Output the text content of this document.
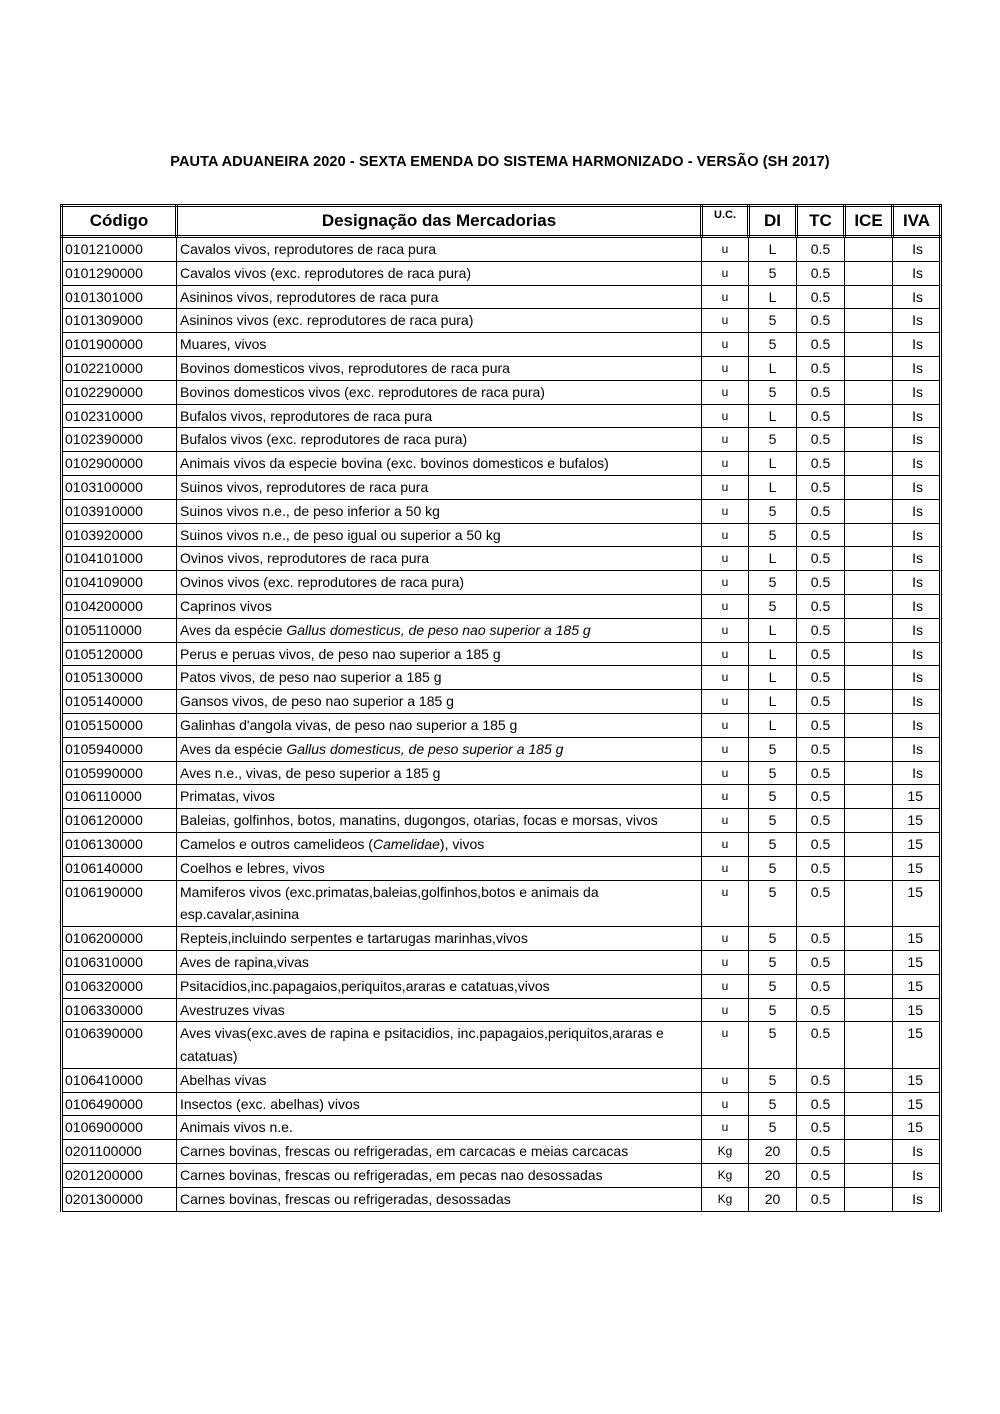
PAUTA ADUANEIRA 2020 - SEXTA EMENDA DO SISTEMA HARMONIZADO - VERSÃO (SH 2017)
Código	Designação das Mercadorias	U.C.	DI	TC	ICE	IVA
0101210000	Cavalos vivos, reprodutores de raca pura	u	L	0.5		Is
0101290000	Cavalos vivos (exc. reprodutores de raca pura)	u	5	0.5		Is
0101301000	Asininos vivos, reprodutores de raca pura	u	L	0.5		Is
0101309000	Asininos vivos (exc. reprodutores de raca pura)	u	5	0.5		Is
0101900000	Muares, vivos	u	5	0.5		Is
0102210000	Bovinos domesticos vivos, reprodutores de raca pura	u	L	0.5		Is
0102290000	Bovinos domesticos vivos (exc. reprodutores de raca pura)	u	5	0.5		Is
0102310000	Bufalos vivos, reprodutores de raca pura	u	L	0.5		Is
0102390000	Bufalos vivos (exc. reprodutores de raca pura)	u	5	0.5		Is
0102900000	Animais vivos da especie bovina (exc. bovinos domesticos e bufalos)	u	L	0.5		Is
0103100000	Suinos vivos, reprodutores de raca pura	u	L	0.5		Is
0103910000	Suinos vivos n.e., de peso inferior a 50 kg	u	5	0.5		Is
0103920000	Suinos vivos n.e., de peso igual ou superior a 50 kg	u	5	0.5		Is
0104101000	Ovinos vivos, reprodutores de raca pura	u	L	0.5		Is
0104109000	Ovinos vivos (exc. reprodutores de raca pura)	u	5	0.5		Is
0104200000	Caprinos vivos	u	5	0.5		Is
0105110000	Aves da espécie Gallus domesticus, de peso nao superior a 185 g	u	L	0.5		Is
0105120000	Perus e peruas vivos, de peso nao superior a 185 g	u	L	0.5		Is
0105130000	Patos vivos, de peso nao superior a 185 g	u	L	0.5		Is
0105140000	Gansos vivos, de peso nao superior a 185 g	u	L	0.5		Is
0105150000	Galinhas d'angola vivas, de peso nao superior a 185 g	u	L	0.5		Is
0105940000	Aves da espécie Gallus domesticus, de peso superior a 185 g	u	5	0.5		Is
0105990000	Aves n.e., vivas, de peso superior a 185 g	u	5	0.5		Is
0106110000	Primatas, vivos	u	5	0.5		15
0106120000	Baleias, golfinhos, botos, manatins, dugongos, otarias, focas e morsas, vivos	u	5	0.5		15
0106130000	Camelos e outros camelideos (Camelidae), vivos	u	5	0.5		15
0106140000	Coelhos e lebres, vivos	u	5	0.5		15
0106190000	Mamiferos vivos (exc.primatas,baleias,golfinhos,botos e animais da esp.cavalar,asinina	u	5	0.5		15
0106200000	Repteis,incluindo serpentes e tartarugas marinhas,vivos	u	5	0.5		15
0106310000	Aves de rapina,vivas	u	5	0.5		15
0106320000	Psitacidios,inc.papagaios,periquitos,araras e catatuas,vivos	u	5	0.5		15
0106330000	Avestruzes vivas	u	5	0.5		15
0106390000	Aves vivas(exc.aves de rapina e psitacidios, inc.papagaios,periquitos,araras e catatuas)	u	5	0.5		15
0106410000	Abelhas vivas	u	5	0.5		15
0106490000	Insectos (exc. abelhas) vivos	u	5	0.5		15
0106900000	Animais vivos n.e.	u	5	0.5		15
0201100000	Carnes bovinas, frescas ou refrigeradas, em carcacas e meias carcacas	Kg	20	0.5		Is
0201200000	Carnes bovinas, frescas ou refrigeradas, em pecas nao desossadas	Kg	20	0.5		Is
0201300000	Carnes bovinas, frescas ou refrigeradas, desossadas	Kg	20	0.5		Is
